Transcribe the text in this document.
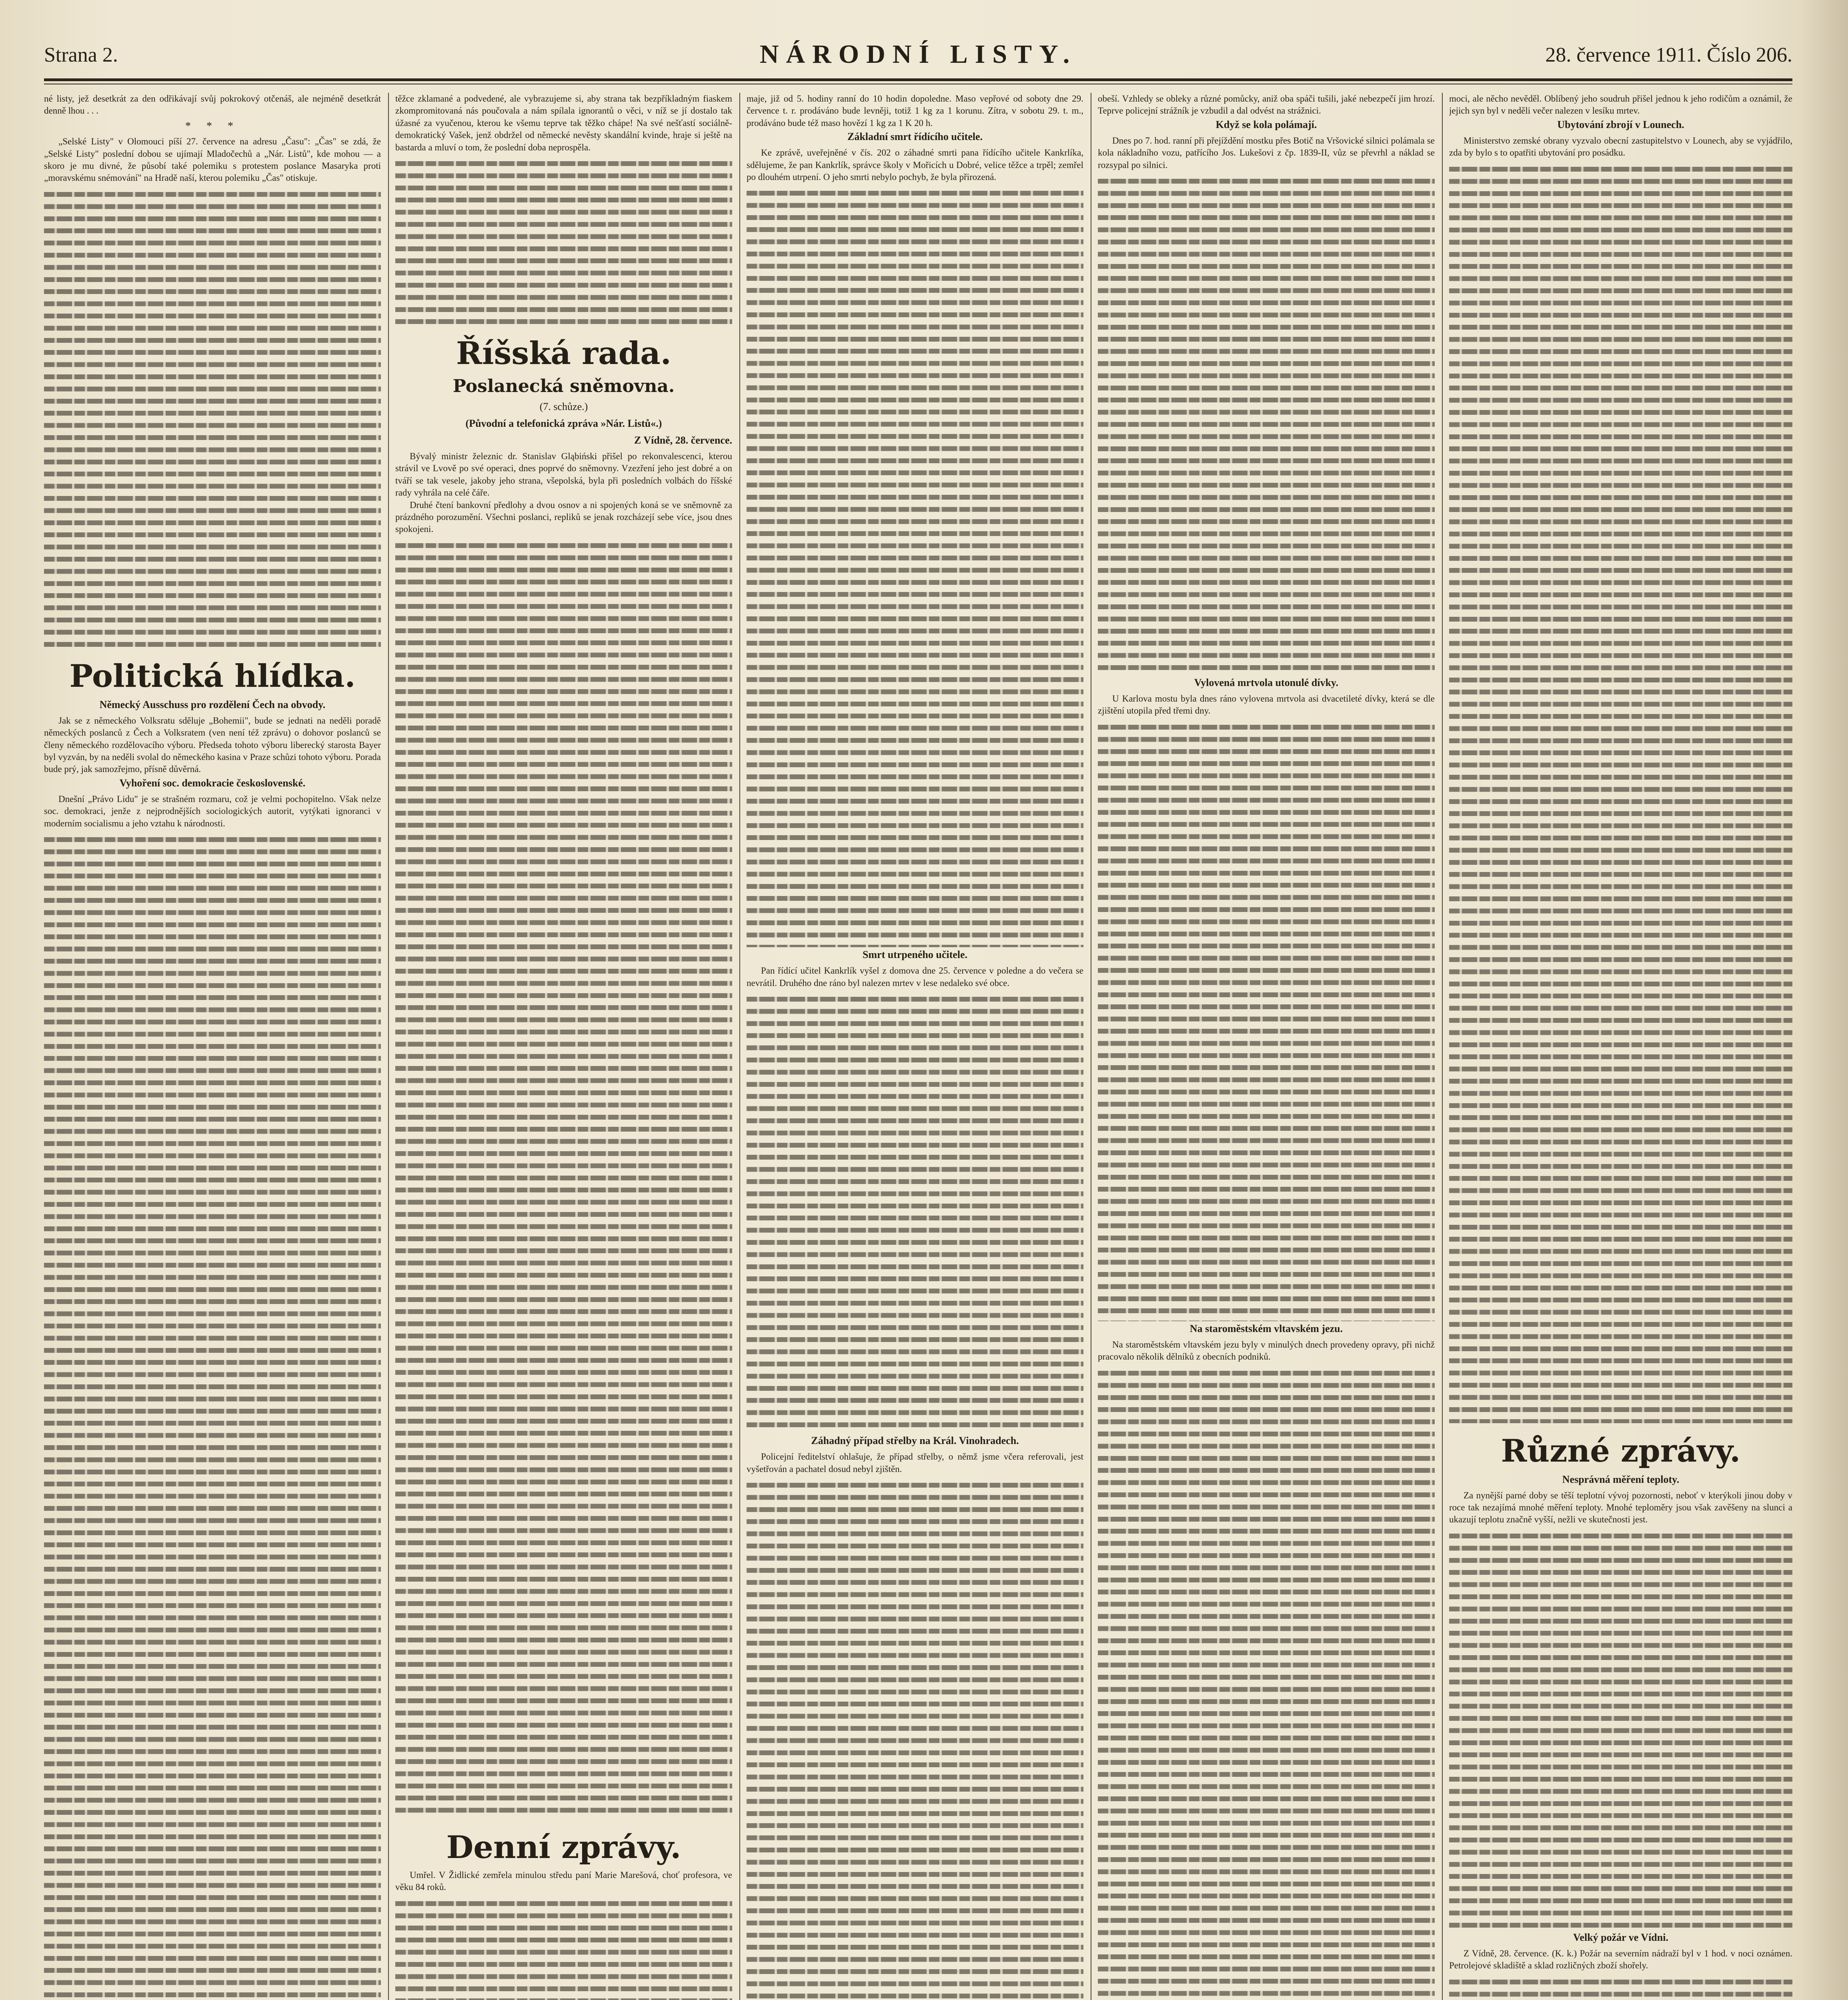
Strana 2.	NÁRODNÍ LISTY.	28. července 1911. Číslo 206.

né listy, jež desetkrát za den odřikávají svůj pokrokový otčenáš, ale nejméně desetkrát denně lhou . . .

* * *

„Selské Listy" v Olomouci píší 27. července na adresu „Času": „Čas" se zdá, že „Selské Listy" poslední dobou se ujímají Mladočechů a „Nár. Listů", kde mohou — a skoro je mu divné, že působí také polemiku s protestem poslance Masaryka proti „moravskému snémování" na Hradě naší, kterou polemiku „Čas" otiskuje.

Politická hlídka.
Německý Ausschuss pro rozdělení Čech na obvody.

Jak se z německého Volksratu sděluje „Bohemii", bude se jednati na neděli poradě německých poslanců z Čech a Volksratem (ven není též zprávu) o dohovor poslanců se členy německého rozdělovacího výboru. Předseda tohoto výboru liberecký starosta Bayer byl vyzván, by na neděli svolal do německého kasina v Praze schůzi tohoto výboru. Porada bude prý, jak samozřejmo, přísně důvěrná.

Vyhoření soc. demokracie československé.

Dnešní „Právo Lidu" je se strašném rozmaru, což je velmi pochopitelno. Však nelze soc. demokraci, jenže z nejprodnějších sociologických autorit, vytýkati ignoranci v moderním socialismu a jeho vztahu k národnosti.

těžce zklamané a podvedené, ale vybrazujeme si, aby strana tak bezpříkladným fiaskem zkompromitovaná nás poučovala a nám spílala ignorantů o věci, v níž se jí dostalo tak úžasné za vyučenou, kterou ke všemu teprve tak těžko chápe! Na své nešťastí sociálně-demokratický Vašek, jenž obdržel od německé nevěsty skandální kvinde, hraje si ještě na bastarda a mluví o tom, že poslední doba neprospěla.

Říšská rada.
Poslanecká sněmovna.
(7. schůze.)
(Původní a telefonická zpráva »Nár. Listů«.)
Z Vídně, 28. července.

Bývalý ministr železnic dr. Stanislav Gląbiński přišel po rekonvalescenci, kterou strávil ve Lvově po své operaci, dnes poprvé do sněmovny. Vzezření jeho jest dobré a on tváří se tak vesele, jakoby jeho strana, všepolská, byla při posledních volbách do říšské rady vyhrála na celé čáře.

Druhé čtení bankovní předlohy a dvou osnov a ni spojených koná se ve sněmovně za prázdného porozumění. Všechni poslanci, repliků se jenak rozcházejí sebe více, jsou dnes spokojeni.

Denní zprávy.

Umřel. V Židlické zemřela minulou středu paní Marie Marešová, choť profesora, ve věku 84 roků.

maje, již od 5. hodiny ranní do 10 hodin dopoledne. Maso vepřové od soboty dne 29. července t. r. prodáváno bude levněji, totiž 1 kg za 1 korunu. Zítra, v sobotu 29. t. m., prodáváno bude též maso hovězí 1 kg za 1 K 20 h.

Základní smrt řídícího učitele.

Ke zprávě, uveřejněné v čís. 202 o záhadné smrti pana řídícího učitele Kankrlíka, sdělujeme, že pan Kankrlík, správce školy v Mořicích u Dobré, velice těžce a trpěl; zemřel po dlouhém utrpení. O jeho smrti nebylo pochyb, že byla přirozená.

Smrt utrpeného učitele.

Pan řídící učitel Kankrlík vyšel z domova dne 25. července v poledne a do večera se nevrátil. Druhého dne ráno byl nalezen mrtev v lese nedaleko své obce.

Záhadný případ střelby na Král. Vinohradech.

Policejní ředitelství ohlašuje, že případ střelby, o němž jsme včera referovali, jest vyšetřován a pachatel dosud nebyl zjištěn.

obeší. Vzhledy se obleky a různé pomůcky, aniž oba spáči tušili, jaké nebezpečí jim hrozí. Teprve policejní strážník je vzbudil a dal odvést na strážnici.

Když se kola polámají.

Dnes po 7. hod. ranní při přejíždění mostku přes Botič na Vršovické silnici polámala se kola nákladního vozu, patřícího Jos. Lukešovi z čp. 1839-II, vůz se převrhl a náklad se rozsypal po silnici.

Vylovená mrtvola utonulé dívky.

U Karlova mostu byla dnes ráno vylovena mrtvola asi dvacetileté dívky, která se dle zjištění utopila před třemi dny.

Na staroměstském vltavském jezu.

Na staroměstském vltavském jezu byly v minulých dnech provedeny opravy, při nichž pracovalo několik dělníků z obecních podniků.

moci, ale něcho nevěděl. Oblíbený jeho soudruh přišel jednou k jeho rodičům a oznámil, že jejich syn byl v neděli večer nalezen v lesíku mrtev.

Ubytování zbrojí v Lounech.

Ministerstvo zemské obrany vyzvalo obecní zastupitelstvo v Lounech, aby se vyjádřilo, zda by bylo s to opatřiti ubytování pro posádku.

Různé zprávy.
Nesprávná měření teploty.

Za nynější parné doby se těší teplotní vývoj pozornosti, neboť v kterýkoli jinou doby v roce tak nezajímá mnohé měření teploty. Mnohé teploměry jsou však zavěšeny na slunci a ukazují teplotu značně vyšší, nežli ve skutečnosti jest.

Velký požár ve Vídni.

Z Vídně, 28. července. (K. k.) Požár na severním nádraží byl v 1 hod. v noci oznámen. Petrolejové skladiště a sklad rozličných zboží shořely.
